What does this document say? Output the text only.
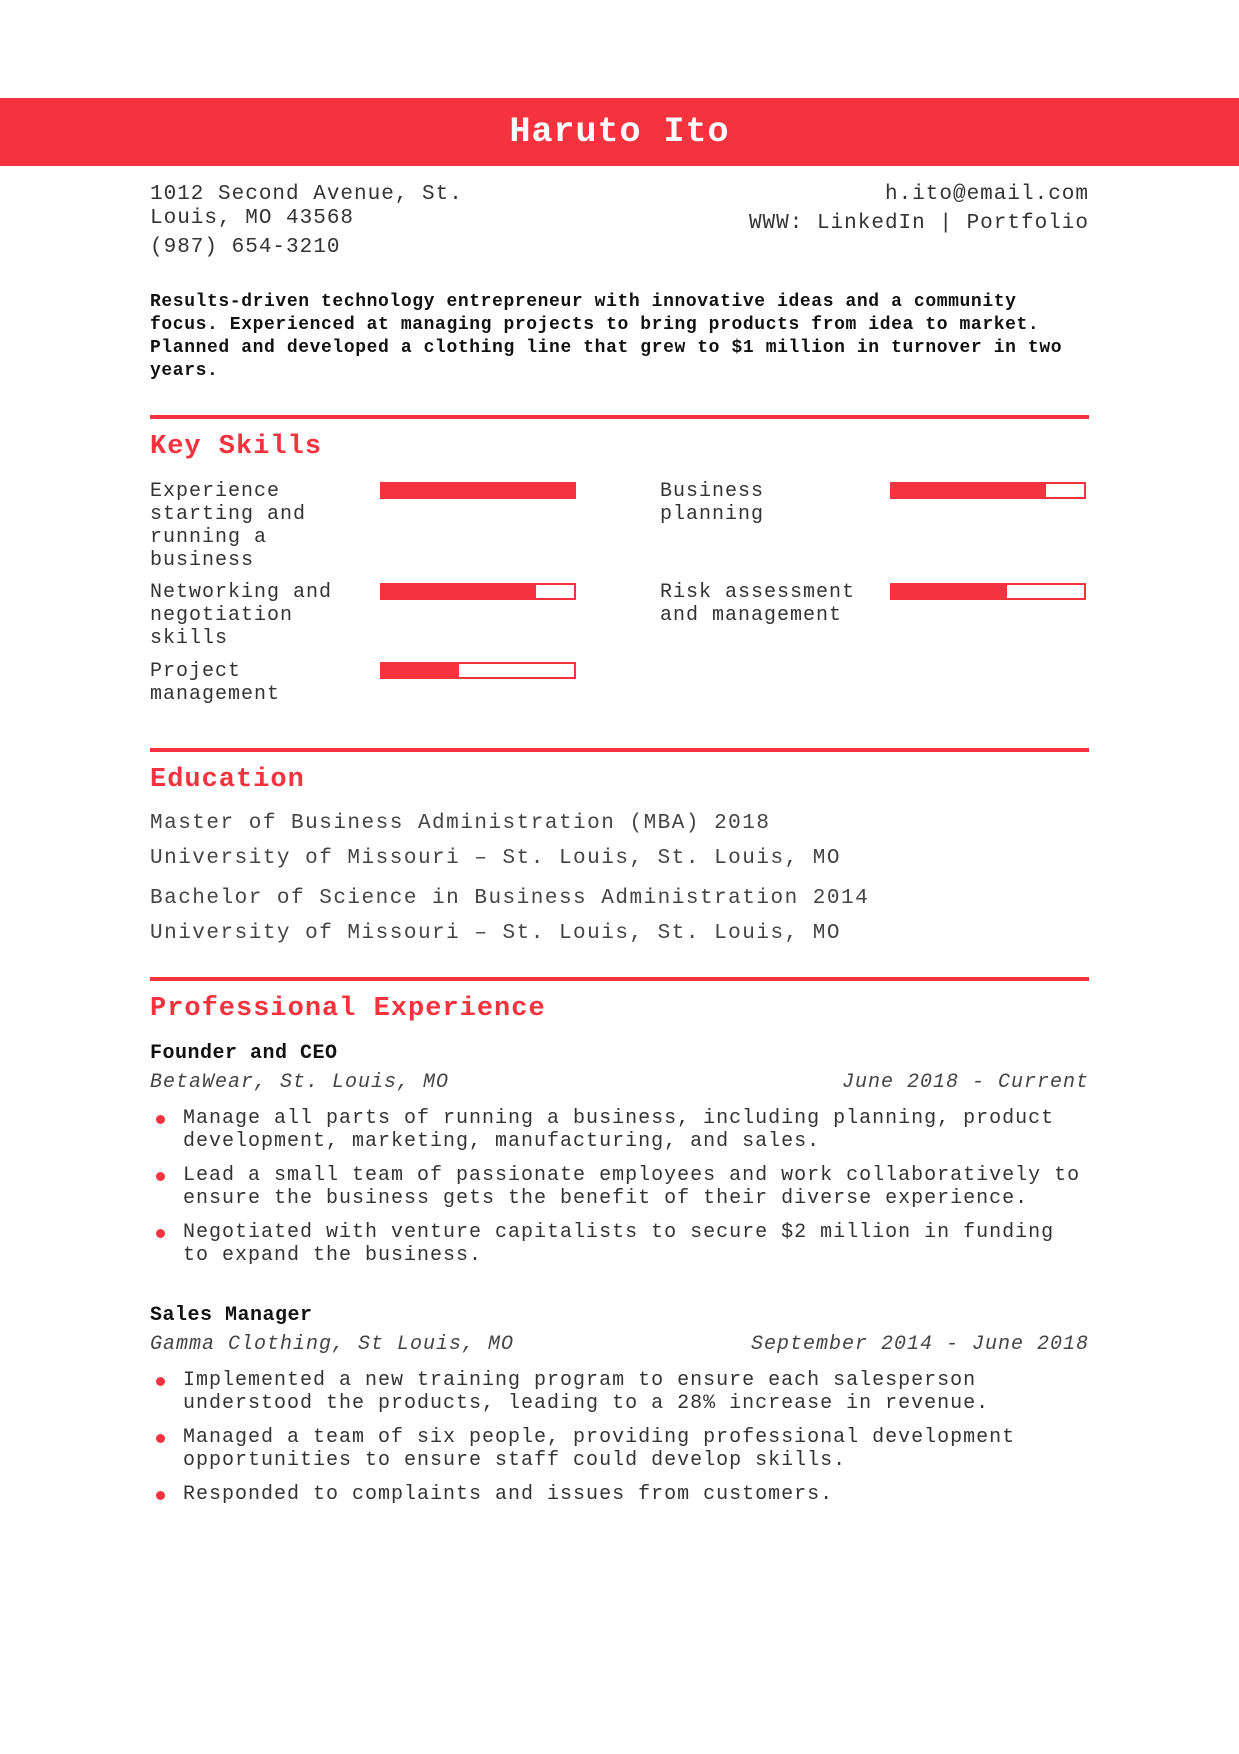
Haruto Ito
1012 Second Avenue, St. Louis, MO 43568
(987) 654-3210
h.ito@email.com
WWW: LinkedIn | Portfolio
Results-driven technology entrepreneur with innovative ideas and a community focus. Experienced at managing projects to bring products from idea to market. Planned and developed a clothing line that grew to $1 million in turnover in two years.
Key Skills
Experience starting and running a business
Business planning
Networking and negotiation skills
Risk assessment and management
Project management
Education
Master of Business Administration (MBA) 2018
University of Missouri – St. Louis, St. Louis, MO
Bachelor of Science in Business Administration 2014
University of Missouri – St. Louis, St. Louis, MO
Professional Experience
Founder and CEO
BetaWear, St. Louis, MO	June 2018 - Current
Manage all parts of running a business, including planning, product development, marketing, manufacturing, and sales.
Lead a small team of passionate employees and work collaboratively to ensure the business gets the benefit of their diverse experience.
Negotiated with venture capitalists to secure $2 million in funding to expand the business.
Sales Manager
Gamma Clothing, St Louis, MO	September 2014 - June 2018
Implemented a new training program to ensure each salesperson understood the products, leading to a 28% increase in revenue.
Managed a team of six people, providing professional development opportunities to ensure staff could develop skills.
Responded to complaints and issues from customers.
